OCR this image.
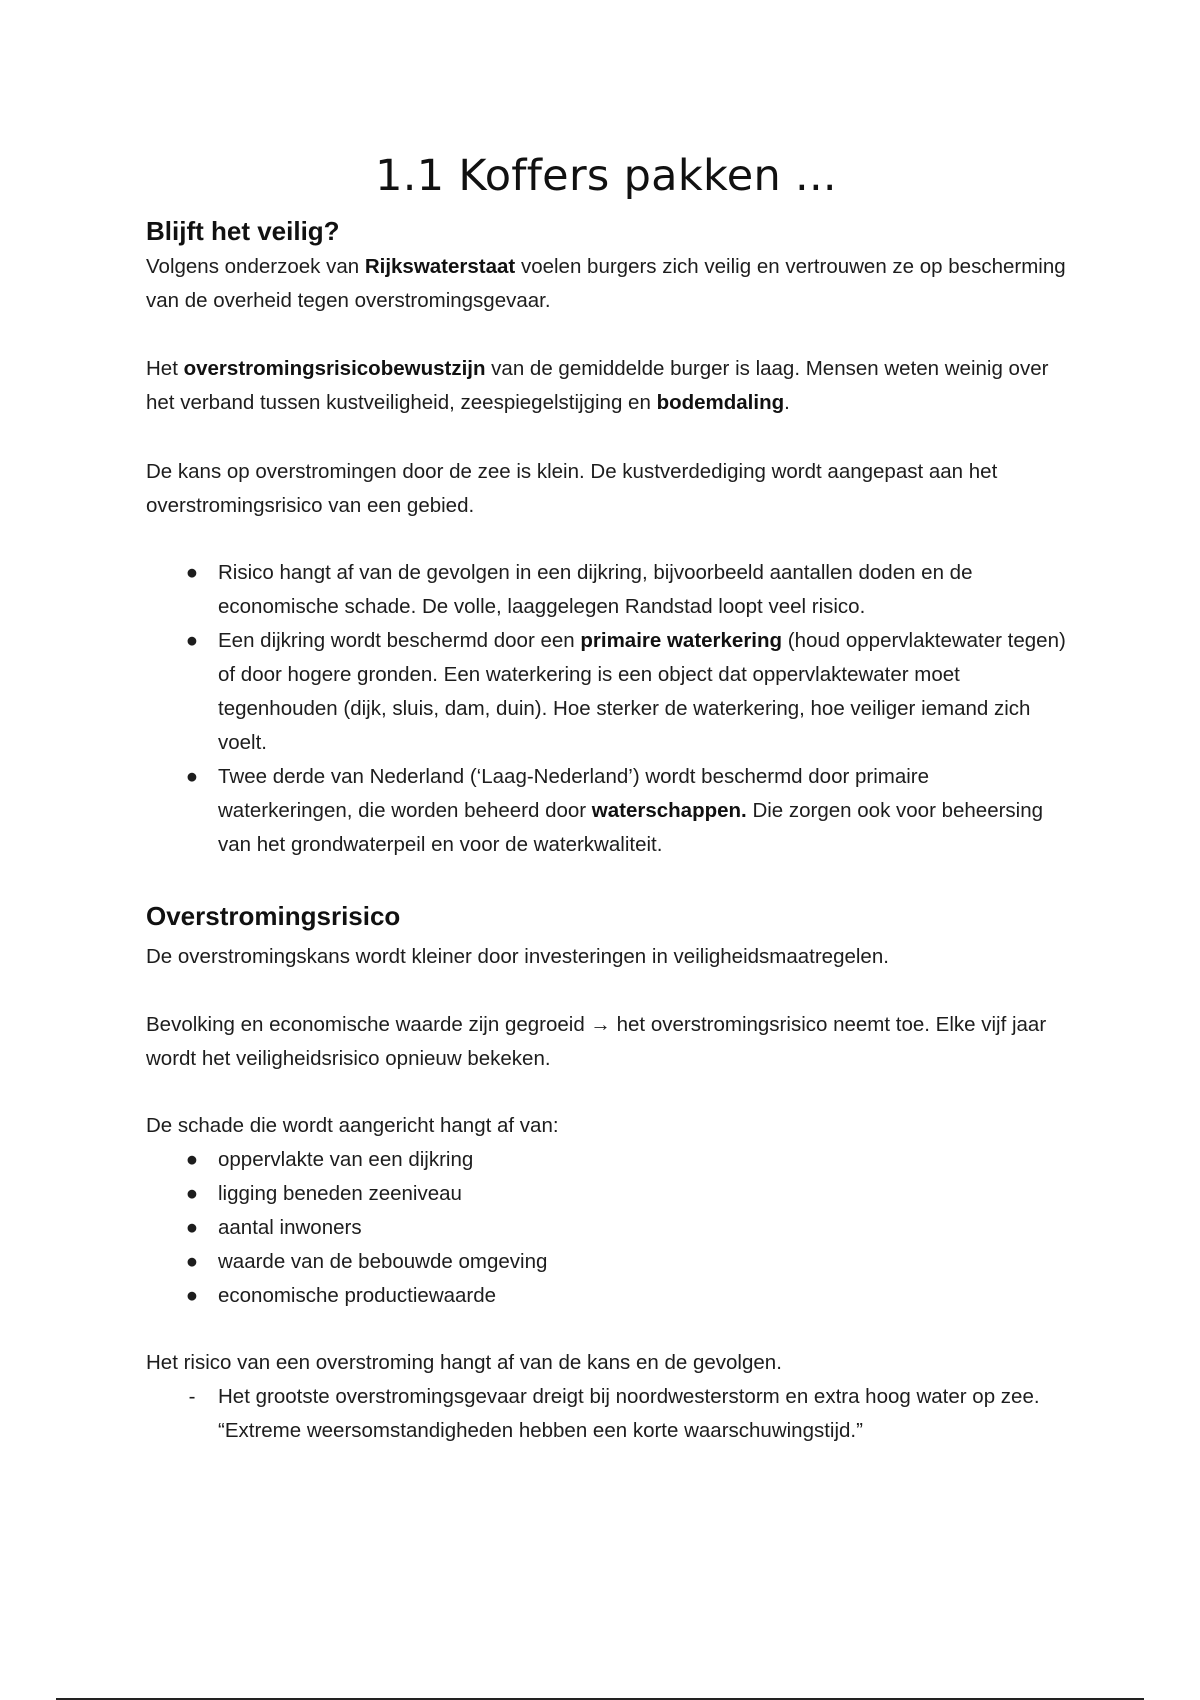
1.1 Koffers pakken ...
Blijft het veilig?

Volgens onderzoek van Rijkswaterstaat voelen burgers zich veilig en vertrouwen ze op bescherming van de overheid tegen overstromingsgevaar.

Het overstromingsrisicobewustzijn van de gemiddelde burger is laag. Mensen weten weinig over het verband tussen kustveiligheid, zeespiegelstijging en bodemdaling.

De kans op overstromingen door de zee is klein. De kustverdediging wordt aangepast aan het overstromingsrisico van een gebied.

● Risico hangt af van de gevolgen in een dijkring, bijvoorbeeld aantallen doden en de economische schade. De volle, laaggelegen Randstad loopt veel risico.
● Een dijkring wordt beschermd door een primaire waterkering (houd oppervlaktewater tegen) of door hogere gronden. Een waterkering is een object dat oppervlaktewater moet tegenhouden (dijk, sluis, dam, duin). Hoe sterker de waterkering, hoe veiliger iemand zich voelt.
● Twee derde van Nederland (‘Laag-Nederland’) wordt beschermd door primaire waterkeringen, die worden beheerd door waterschappen. Die zorgen ook voor beheersing van het grondwaterpeil en voor de waterkwaliteit.
Overstromingsrisico

De overstromingskans wordt kleiner door investeringen in veiligheidsmaatregelen.

Bevolking en economische waarde zijn gegroeid → het overstromingsrisico neemt toe. Elke vijf jaar wordt het veiligheidsrisico opnieuw bekeken.

De schade die wordt aangericht hangt af van:

● oppervlakte van een dijkring
● ligging beneden zeeniveau
● aantal inwoners
● waarde van de bebouwde omgeving
● economische productiewaarde

Het risico van een overstroming hangt af van de kans en de gevolgen.

-	Het grootste overstromingsgevaar dreigt bij noordwesterstorm en extra hoog water op zee. “Extreme weersomstandigheden hebben een korte waarschuwingstijd.”
